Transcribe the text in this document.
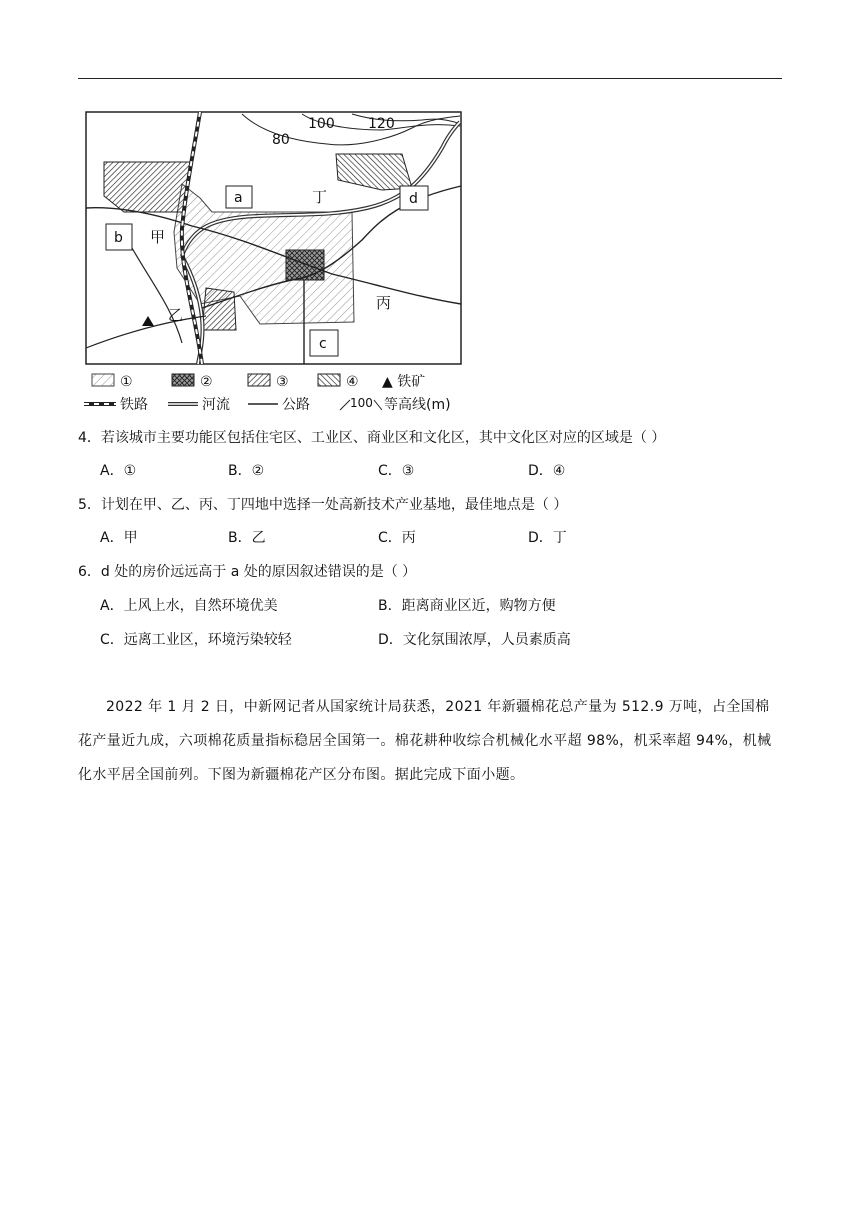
80
100 120
a
b
c
d
甲
乙
丙
丁
①	②	③	④ ▲ 铁矿
铁路	河流	公路	100 等高线(m)
4．若该城市主要功能区包括住宅区、工业区、商业区和文化区，其中文化区对应的区域是（ ）
A．①	B．②	C．③	D．④
5．计划在甲、乙、丙、丁四地中选择一处高新技术产业基地，最佳地点是（ ）
A．甲	B．乙	C．丙	D．丁
6．d 处的房价远远高于 a 处的原因叙述错误的是（ ）
A．上风上水，自然环境优美	B．距离商业区近，购物方便
C．远离工业区，环境污染较轻	D．文化氛围浓厚，人员素质高
2022 年 1 月 2 日，中新网记者从国家统计局获悉，2021 年新疆棉花总产量为 512.9 万吨，占全国棉花产量近九成，六项棉花质量指标稳居全国第一。棉花耕种收综合机械化水平超 98%，机采率超 94%，机械化水平居全国前列。下图为新疆棉花产区分布图。据此完成下面小题。
